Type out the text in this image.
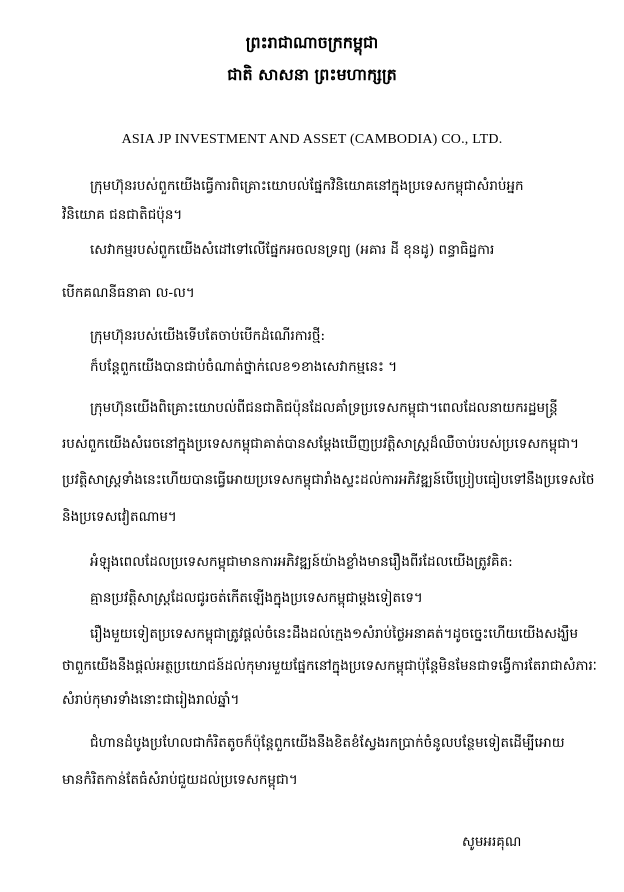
ព្រះរាជាណាចក្រកម្ពុជា
ជាតិ សាសនា ព្រះមហាក្សត្រ
ASIA JP INVESTMENT AND ASSET (CAMBODIA) CO., LTD.
ក្រុមហ៊ុនរបស់ពួកយើងធ្វើការពិគ្រោះយោបល់ផ្នែកវិនិយោគនៅក្នុងប្រទេសកម្ពុជាសំរាប់អ្នក
វិនិយោគ ជនជាតិជប៉ុន។
សេវាកម្មរបស់ពួកយើងសំដៅទៅលើផ្នែកអចលនទ្រព្យ (អគារ ដី ខុនដូ) ពន្ធាធិដ្ឋការ
បើកគណនីធនាគា ល-ល។
ក្រុមហ៊ុនរបស់យើងទើបតែចាប់បើកដំណើរការថ្មី:
ក៏បន្តែពួកយើងបានជាប់ចំណាត់ថ្នាក់លេខ១ខាងសេវាកម្មនេះ ។
ក្រុមហ៊ុនយើងពិគ្រោះយោបល់ពីជនជាតិជប៉ុនដែលគាំទ្រប្រទេសកម្ពុជា។ពេលដែលនាយករដ្ឋមន្រ្តី
របស់ពួកយើងសំរេចនៅក្នុងប្រទេសកម្ពុជាគាត់បានសម្តែងឃើញប្រវត្តិសាស្រ្តដ៏ឈឺចាប់របស់ប្រទេសកម្ពុជា។
ប្រវត្តិសាស្រ្តទាំងនេះហើយបានធ្វើអោយប្រទេសកម្ពុជារាំងស្ទះដល់ការអភិវឌ្ឍន៍បើប្រៀបធៀបទៅនឹងប្រទេសថៃ
និងប្រទេសវៀតណាម។
អំឡុងពេលដែលប្រទេសកម្ពុជាមានការអភិវឌ្ឍន៍យ៉ាងខ្លាំងមានរឿងពីរដែលយើងត្រូវគិត:
គ្មានប្រវត្តិសាស្រ្តដែលជូរចត់កើតឡើងក្នុងប្រទេសកម្ពុជាម្តងទៀតទេ។
រឿងមួយទៀតប្រទេសកម្ពុជាត្រូវផ្តល់ចំនេះដឹងដល់ក្មេង១សំរាប់ថ្ងៃអនាគត់។ដូចច្នេះហើយយើងសង្ឃឹម
ថាពួកយើងនឹងផ្តល់អត្ថប្រយោជន៍ដល់កុមារមួយផ្នែកនៅក្នុងប្រទេសកម្ពុជាប៉ុន្តែមិនមែនជាទង្វើការតែរាជាសំភារៈ
សំរាប់កុមារទាំងនោះជារៀងរាល់ឆ្នាំ។
ជំហានដំបូងប្រហែលជាកំរិតតូចក៏ប៉ុន្តែពួកយើងនឹងខិតខំស្វែងរកប្រាក់ចំនូលបន្ថែមទៀតដើម្បីអោយ
មានកំរិតកាន់តែធំសំរាប់ជួយដល់ប្រទេសកម្ពុជា។
សូមអរគុណ
